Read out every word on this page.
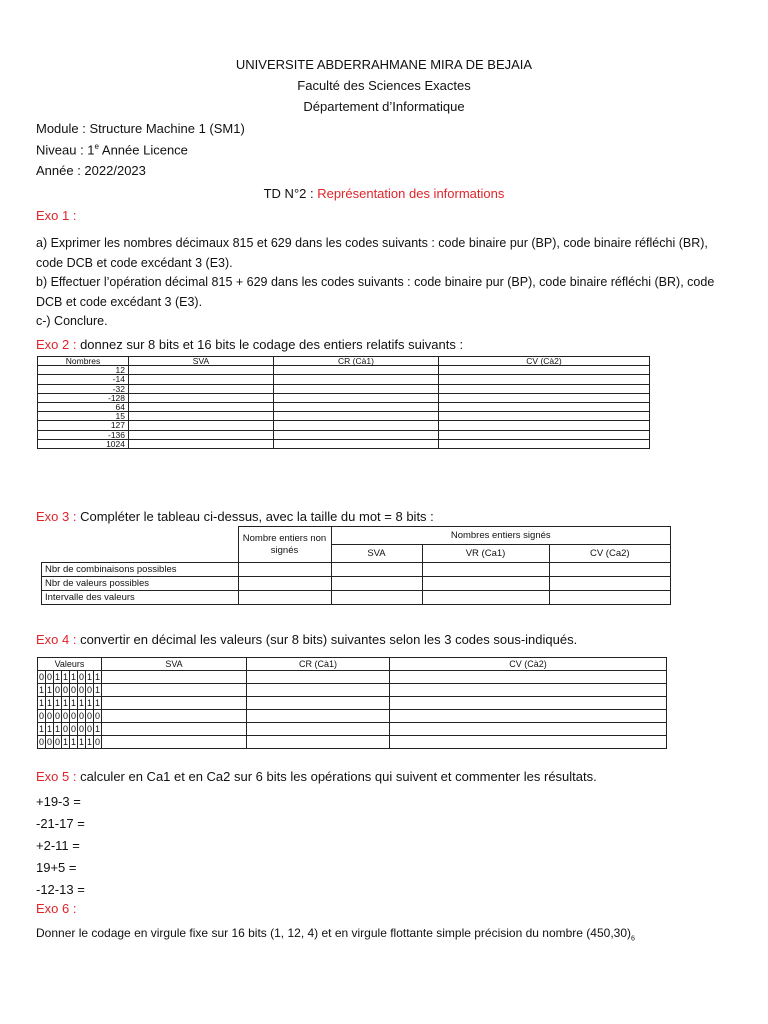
UNIVERSITE ABDERRAHMANE MIRA DE BEJAIA
Faculté des Sciences Exactes
Département d’Informatique
Module : Structure Machine 1 (SM1)
Niveau : 1e Année Licence
Année : 2022/2023
TD N°2 : Représentation des informations
Exo 1 :
a) Exprimer les nombres décimaux 815 et 629 dans les codes suivants : code binaire pur (BP), code binaire réfléchi (BR), code DCB et code excédant 3 (E3).
b) Effectuer l’opération décimal 815 + 629 dans les codes suivants : code binaire pur (BP), code binaire réfléchi (BR), code DCB et code excédant 3 (E3).
c-) Conclure.
Exo 2 : donnez sur 8 bits et 16 bits le codage des entiers relatifs suivants :
Nombres	SVA	CR (Cà1)	CV (Cà2)
12			
-14			
-32			
-128			
64			
15			
127			
-136			
1024			
Exo 3 : Compléter le tableau ci-dessus, avec la taille du mot = 8 bits :
	Nombre entiers non signés	Nombres entiers signés		
		SVA	VR (Ca1)	CV (Ca2)
Nbr de combinaisons possibles				
Nbr de valeurs possibles				
Intervalle des valeurs				
Exo 4 : convertir en décimal les valeurs (sur 8 bits) suivantes selon les 3 codes sous-indiqués.
Valeurs								SVA	CR (Cà1)	CV (Cà2)
0	0	1	1	1	0	1	1			
1	1	0	0	0	0	0	1			
1	1	1	1	1	1	1	1			
0	0	0	0	0	0	0	0			
1	1	1	0	0	0	0	1			
0	0	0	1	1	1	1	0			
Exo 5 : calculer en Ca1 et en Ca2 sur 6 bits les opérations qui suivent et commenter les résultats.
+19-3 =
-21-17 =
+2-11 =
19+5 =
-12-13 =
Exo 6 :
Donner le codage en virgule fixe sur 16 bits (1, 12, 4) et en virgule flottante simple précision du nombre $(450,30)_6$
